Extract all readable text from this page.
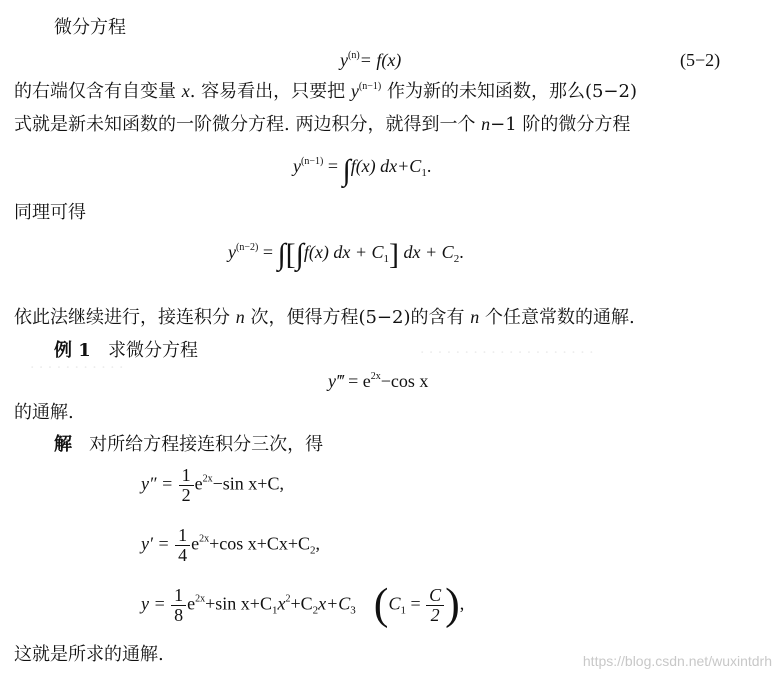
· · · · · · · · · · · · · · · · · · · ·
· · · · · · · · · · ·
微分方程
$y^{(n)}= f(x)$	(5−2)
的右端仅含有自变量 x. 容易看出，只要把 $y^{(n-1)}$ 作为新的未知函数，那么(5−2)
式就是新未知函数的一阶微分方程. 两边积分，就得到一个 n−1 阶的微分方程
$y^{(n-1)} = \int f(x)$ $dx+C_1$.
同理可得
$y^{(n-2)} = \int[\int f(x)$ dx + $C_1$] dx + $C_2$.
依此法继续进行，接连积分 n 次，便得方程(5−2)的含有 n 个任意常数的通解.
例 1 求微分方程
y‴ = $e^{2x}-\cos$ x
的通解.
解 对所给方程接连积分三次，得
$y'' = \frac{1}{2} e^{2x}-\sin$ x+C,
$y' = \frac{1}{4} e^{2x}+\cos$ $x+Cx+C_2$,
$y = \frac{1}{8} e^{2x}+\sin$ $x+C_1x^2+C_2x+C_3$ ($C_1 = \frac{C}{2}$ ),
这就是所求的通解.	https://blog.csdn.net/wuxintdrh
